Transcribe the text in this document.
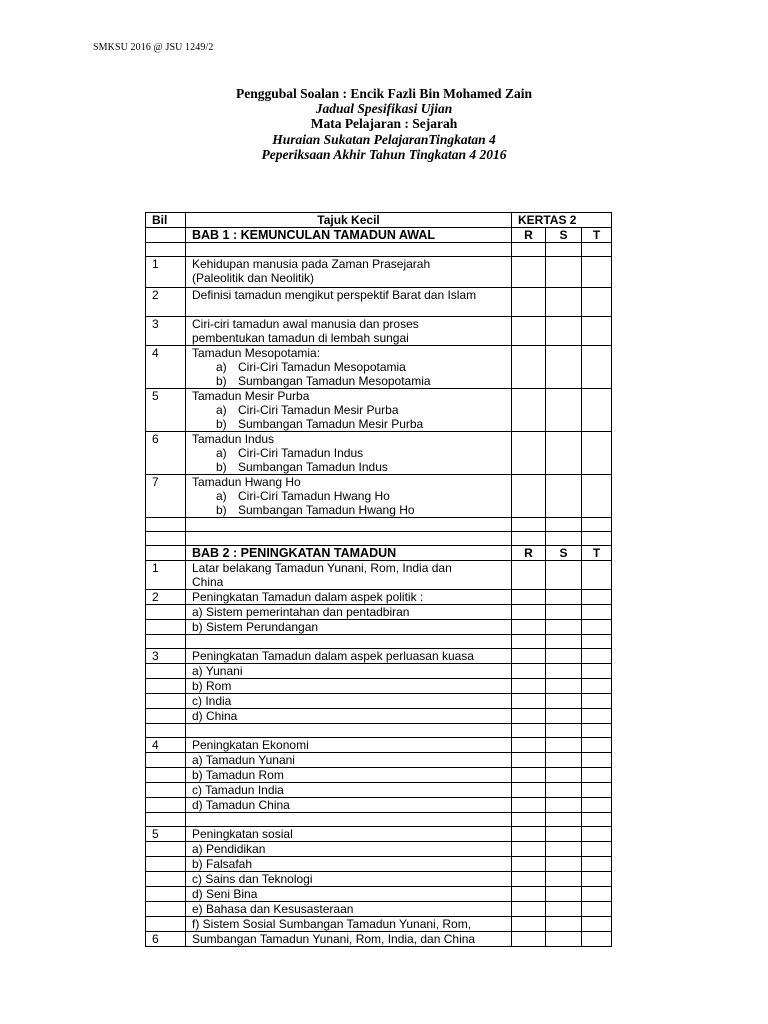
SMKSU 2016 @ JSU 1249/2
Penggubal Soalan : Encik Fazli Bin Mohamed Zain
Jadual Spesifikasi Ujian
Mata Pelajaran : Sejarah
Huraian Sukatan PelajaranTingkatan 4
Peperiksaan Akhir Tahun Tingkatan 4 2016
Bil	Tajuk Kecil	KERTAS 2		
	BAB 1 : KEMUNCULAN TAMADUN AWAL	R	S	T

1	Kehidupan manusia pada Zaman Prasejarah
(Paleolitik dan Neolitik)			

2	Definisi tamadun mengikut perspektif Barat dan Islam			
3	Ciri-ciri tamadun awal manusia dan proses
pembentukan tamadun di lembah sungai			

4	Tamadun Mesopotamia:
a) Ciri-Ciri Tamadun Mesopotamia
b) Sumbangan Tamadun Mesopotamia			

5	Tamadun Mesir Purba
a) Ciri-Ciri Tamadun Mesir Purba
b) Sumbangan Tamadun Mesir Purba			

6	Tamadun Indus
a) Ciri-Ciri Tamadun Indus
b) Sumbangan Tamadun Indus			

7	Tamadun Hwang Ho
a) Ciri-Ciri Tamadun Hwang Ho
b) Sumbangan Tamadun Hwang Ho			

	BAB 2 : PENINGKATAN TAMADUN	R	S	T
1	Latar belakang Tamadun Yunani, Rom, India dan
China			

2	Peningkatan Tamadun dalam aspek politik :			
	a) Sistem pemerintahan dan pentadbiran			
	b) Sistem Perundangan			

3	Peningkatan Tamadun dalam aspek perluasan kuasa			
	a) Yunani			
	b) Rom			
	c) India			
	d) China			

4	Peningkatan Ekonomi			
	a) Tamadun Yunani			
	b) Tamadun Rom			
	c) Tamadun India			
	d) Tamadun China			

5	Peningkatan sosial			
	a) Pendidikan			
	b) Falsafah			
	c) Sains dan Teknologi			
	d) Seni Bina			
	e) Bahasa dan Kesusasteraan			
	f) Sistem Sosial Sumbangan Tamadun Yunani, Rom,			
6	Sumbangan Tamadun Yunani, Rom, India, dan China			
